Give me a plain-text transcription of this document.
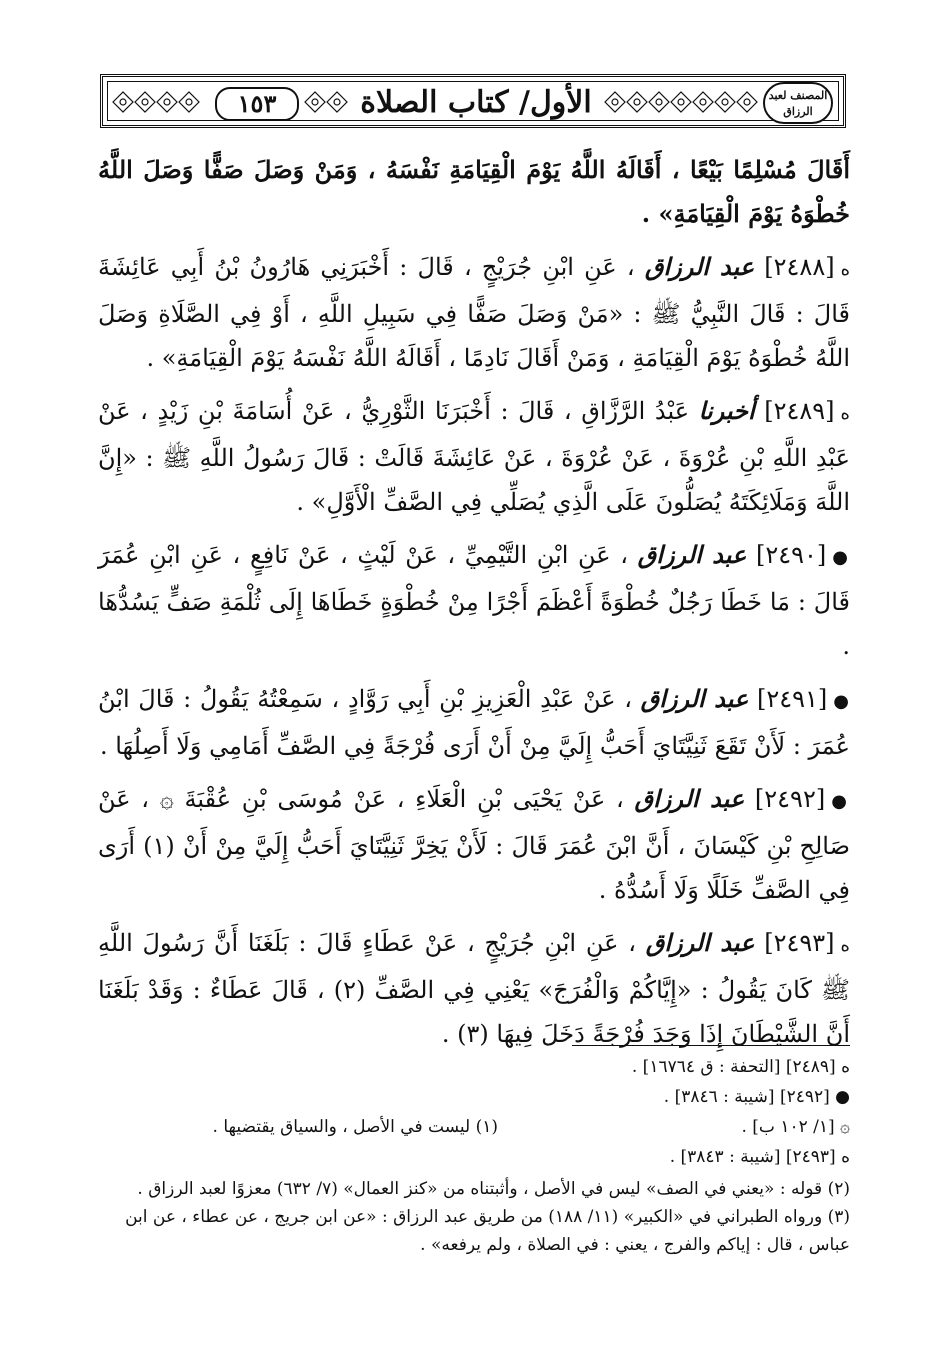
١٥٣	الأول/ كتاب الصلاة	المصنف لعبد الرزاق

أَقَالَ مُسْلِمًا بَيْعًا ، أَقَالَهُ اللَّهُ يَوْمَ الْقِيَامَةِ نَفْسَهُ ، وَمَنْ وَصَلَ صَفًّا وَصَلَ اللَّهُ خُطْوَهُ يَوْمَ الْقِيَامَةِ» .

ه[٢٤٨٨] عبد الرزاق ، عَنِ ابْنِ جُرَيْجٍ ، قَالَ : أَخْبَرَنِي هَارُونُ بْنُ أَبِي عَائِشَةَ قَالَ : قَالَ النَّبِيُّ ﷺ : «مَنْ وَصَلَ صَفًّا فِي سَبِيلِ اللَّهِ ، أَوْ فِي الصَّلَاةِ وَصَلَ اللَّهُ خُطْوَهُ يَوْمَ الْقِيَامَةِ ، وَمَنْ أَقَالَ نَادِمًا ، أَقَالَهُ اللَّهُ نَفْسَهُ يَوْمَ الْقِيَامَةِ» .

ه[٢٤٨٩] أخبرنا عَبْدُ الرَّزَّاقِ ، قَالَ : أَخْبَرَنَا الثَّوْرِيُّ ، عَنْ أُسَامَةَ بْنِ زَيْدٍ ، عَنْ عَبْدِ اللَّهِ بْنِ عُرْوَةَ ، عَنْ عُرْوَةَ ، عَنْ عَائِشَةَ قَالَتْ : قَالَ رَسُولُ اللَّهِ ﷺ : «إِنَّ اللَّهَ وَمَلَائِكَتَهُ يُصَلُّونَ عَلَى الَّذِي يُصَلِّي فِي الصَّفِّ الْأَوَّلِ» .

●[٢٤٩٠] عبد الرزاق ، عَنِ ابْنِ التَّيْمِيِّ ، عَنْ لَيْثٍ ، عَنْ نَافِعٍ ، عَنِ ابْنِ عُمَرَ قَالَ : مَا خَطَا رَجُلٌ خُطْوَةً أَعْظَمَ أَجْرًا مِنْ خُطْوَةٍ خَطَاهَا إِلَى ثُلْمَةِ صَفٍّ يَسُدُّهَا .

●[٢٤٩١] عبد الرزاق ، عَنْ عَبْدِ الْعَزِيزِ بْنِ أَبِي رَوَّادٍ ، سَمِعْتُهُ يَقُولُ : قَالَ ابْنُ عُمَرَ : لَأَنْ تَقَعَ ثَنِيَّتَايَ أَحَبُّ إِلَيَّ مِنْ أَنْ أَرَى فُرْجَةً فِي الصَّفِّ أَمَامِي وَلَا أَصِلُهَا .

●[٢٤٩٢] عبد الرزاق ، عَنْ يَحْيَى بْنِ الْعَلَاءِ ، عَنْ مُوسَى بْنِ عُقْبَةَ ۞ ، عَنْ صَالِحِ بْنِ كَيْسَانَ ، أَنَّ ابْنَ عُمَرَ قَالَ : لَأَنْ يَخِرَّ ثَنِيَّتَايَ أَحَبُّ إِلَيَّ مِنْ أَنْ (١) أَرَى فِي الصَّفِّ خَلَلًا وَلَا أَسُدُّهُ .

ه[٢٤٩٣] عبد الرزاق ، عَنِ ابْنِ جُرَيْجٍ ، عَنْ عَطَاءٍ قَالَ : بَلَغَنَا أَنَّ رَسُولَ اللَّهِ ﷺ كَانَ يَقُولُ : «إِيَّاكُمْ وَالْفُرَجَ» يَعْنِي فِي الصَّفِّ (٢) ، قَالَ عَطَاءٌ : وَقَدْ بَلَغَنَا أَنَّ الشَّيْطَانَ إِذَا وَجَدَ فُرْجَةً دَخَلَ فِيهَا (٣) .

ه [٢٤٨٩] [التحفة : ق ١٦٧٦٤] .
● [٢٤٩٢] [شيبة : ٣٨٤٦] .
۞ [١/ ١٠٢ ب] .
(١) ليست في الأصل ، والسياق يقتضيها .
ه [٢٤٩٣] [شيبة : ٣٨٤٣] .

(٢) قوله : «يعني في الصف» ليس في الأصل ، وأثبتناه من «كنز العمال» (٧/ ٦٣٢) معزوًا لعبد الرزاق .

(٣) ورواه الطبراني في «الكبير» (١١/ ١٨٨) من طريق عبد الرزاق : «عن ابن جريج ، عن عطاء ، عن ابن عباس ، قال : إياكم والفرج ، يعني : في الصلاة ، ولم يرفعه» .
